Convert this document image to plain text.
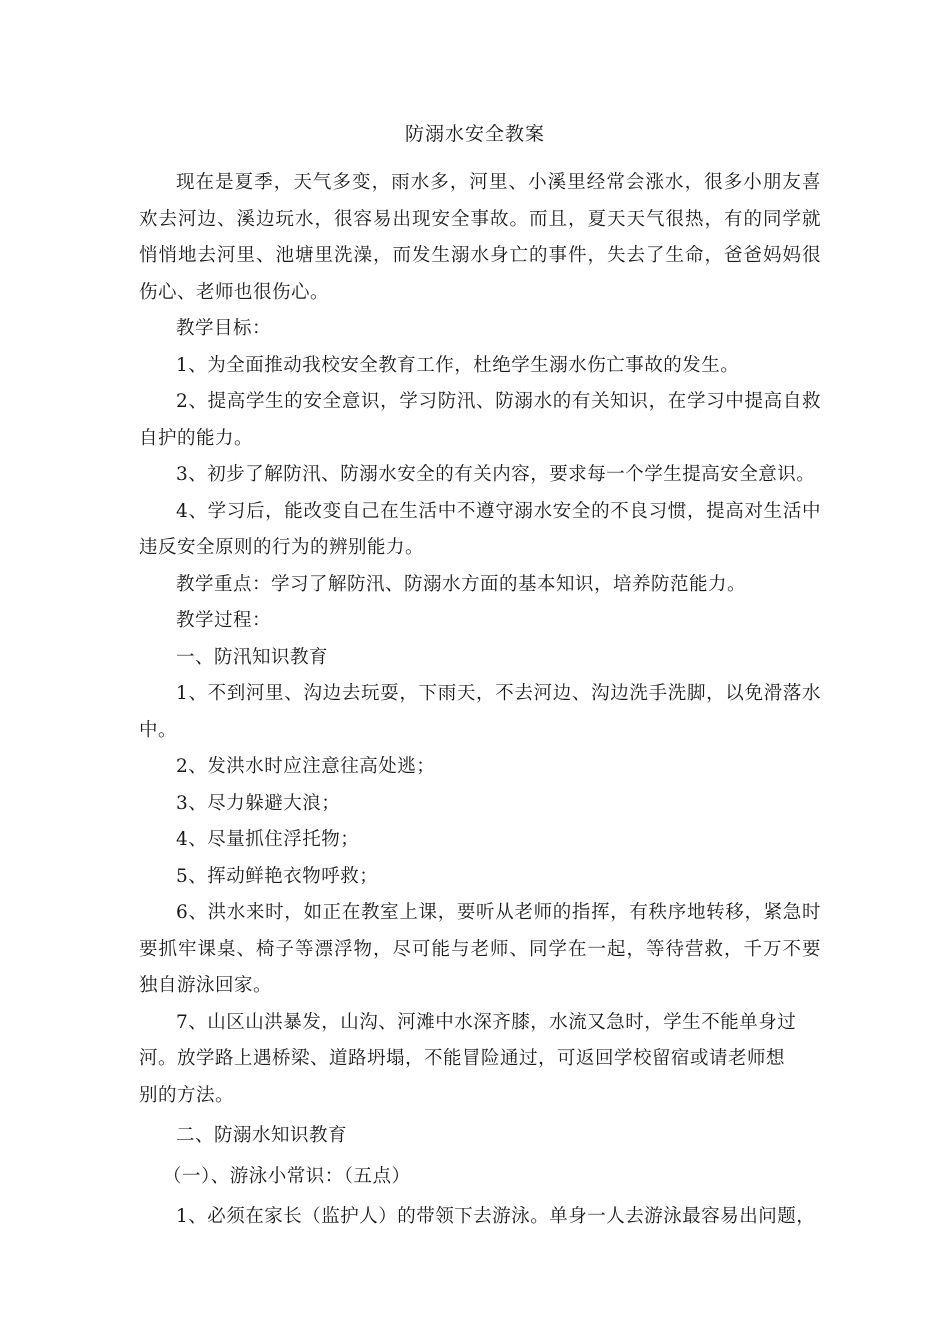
防溺水安全教案

现在是夏季，天气多变，雨水多，河里、小溪里经常会涨水，很多小朋友喜欢去河边、溪边玩水，很容易出现安全事故。而且，夏天天气很热，有的同学就悄悄地去河里、池塘里洗澡，而发生溺水身亡的事件，失去了生命，爸爸妈妈很伤心、老师也很伤心。

教学目标：

1、为全面推动我校安全教育工作，杜绝学生溺水伤亡事故的发生。

2、提高学生的安全意识，学习防汛、防溺水的有关知识，在学习中提高自救自护的能力。

3、初步了解防汛、防溺水安全的有关内容，要求每一个学生提高安全意识。

4、学习后，能改变自己在生活中不遵守溺水安全的不良习惯，提高对生活中违反安全原则的行为的辨别能力。

教学重点：学习了解防汛、防溺水方面的基本知识，培养防范能力。

教学过程：

一、防汛知识教育

1、不到河里、沟边去玩耍，下雨天，不去河边、沟边洗手洗脚，以免滑落水中。

2、发洪水时应注意往高处逃；

3、尽力躲避大浪；

4、尽量抓住浮托物；

5、挥动鲜艳衣物呼救；

6、洪水来时，如正在教室上课，要听从老师的指挥，有秩序地转移，紧急时要抓牢课桌、椅子等漂浮物，尽可能与老师、同学在一起，等待营救，千万不要独自游泳回家。

7、山区山洪暴发，山沟、河滩中水深齐膝，水流又急时，学生不能单身过

河。放学路上遇桥梁、道路坍塌，不能冒险通过，可返回学校留宿或请老师想

别的方法。

二、防溺水知识教育

（一）、游泳小常识：（五点）

1、必须在家长（监护人）的带领下去游泳。单身一人去游泳最容易出问题，
